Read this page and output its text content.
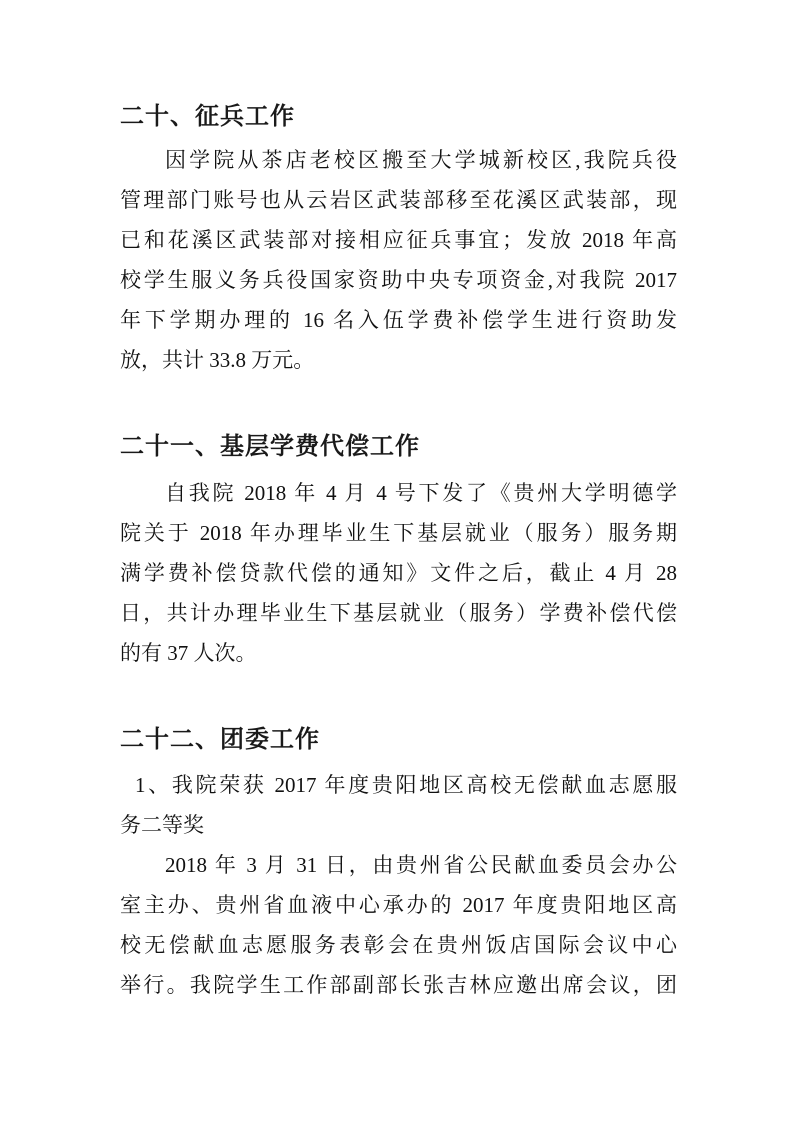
二十、征兵工作
因学院从茶店老校区搬至大学城新校区,我院兵役
管理部门账号也从云岩区武装部移至花溪区武装部，现
已和花溪区武装部对接相应征兵事宜；发放 2018 年高
校学生服义务兵役国家资助中央专项资金,对我院 2017
年下学期办理的 16 名入伍学费补偿学生进行资助发
放，共计 33.8 万元。
二十一、基层学费代偿工作
自我院 2018 年 4 月 4 号下发了《贵州大学明德学
院关于 2018 年办理毕业生下基层就业（服务）服务期
满学费补偿贷款代偿的通知》文件之后，截止 4 月 28
日，共计办理毕业生下基层就业（服务）学费补偿代偿
的有 37 人次。
二十二、团委工作
1、我院荣获 2017 年度贵阳地区高校无偿献血志愿服
务二等奖
2018 年 3 月 31 日，由贵州省公民献血委员会办公
室主办、贵州省血液中心承办的 2017 年度贵阳地区高
校无偿献血志愿服务表彰会在贵州饭店国际会议中心
举行。我院学生工作部副部长张吉林应邀出席会议，团
